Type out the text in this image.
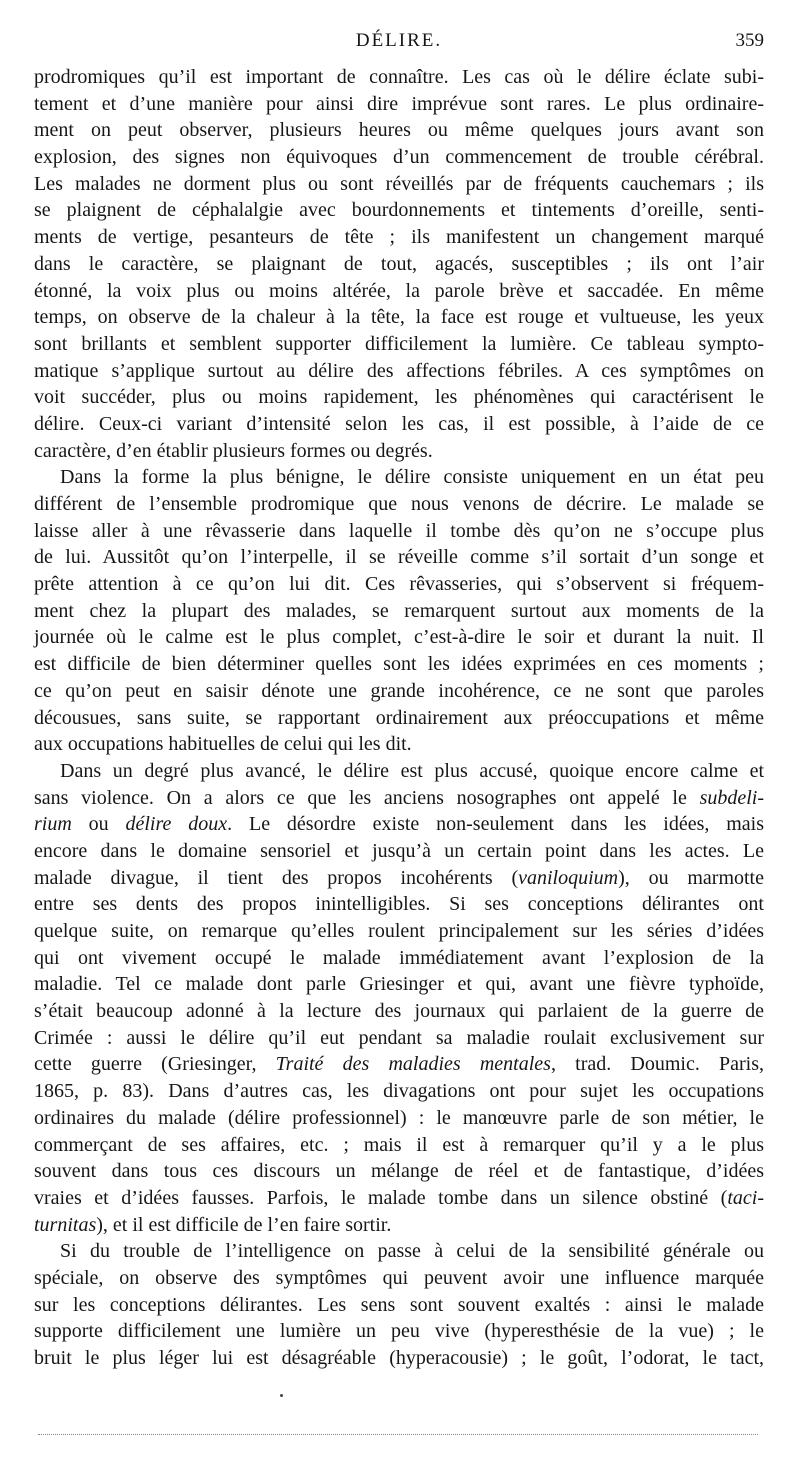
DÉLIRE.	359
prodromiques qu’il est important de connaître. Les cas où le délire éclate subi-
tement et d’une manière pour ainsi dire imprévue sont rares. Le plus ordinaire-
ment on peut observer, plusieurs heures ou même quelques jours avant son
explosion, des signes non équivoques d’un commencement de trouble cérébral.
Les malades ne dorment plus ou sont réveillés par de fréquents cauchemars ; ils
se plaignent de céphalalgie avec bourdonnements et tintements d’oreille, senti-
ments de vertige, pesanteurs de tête ; ils manifestent un changement marqué
dans le caractère, se plaignant de tout, agacés, susceptibles ; ils ont l’air
étonné, la voix plus ou moins altérée, la parole brève et saccadée. En même
temps, on observe de la chaleur à la tête, la face est rouge et vultueuse, les yeux
sont brillants et semblent supporter difficilement la lumière. Ce tableau sympto-
matique s’applique surtout au délire des affections fébriles. A ces symptômes on
voit succéder, plus ou moins rapidement, les phénomènes qui caractérisent le
délire. Ceux-ci variant d’intensité selon les cas, il est possible, à l’aide de ce
caractère, d’en établir plusieurs formes ou degrés.
Dans la forme la plus bénigne, le délire consiste uniquement en un état peu
différent de l’ensemble prodromique que nous venons de décrire. Le malade se
laisse aller à une rêvasserie dans laquelle il tombe dès qu’on ne s’occupe plus
de lui. Aussitôt qu’on l’interpelle, il se réveille comme s’il sortait d’un songe et
prête attention à ce qu’on lui dit. Ces rêvasseries, qui s’observent si fréquem-
ment chez la plupart des malades, se remarquent surtout aux moments de la
journée où le calme est le plus complet, c’est-à-dire le soir et durant la nuit. Il
est difficile de bien déterminer quelles sont les idées exprimées en ces moments ;
ce qu’on peut en saisir dénote une grande incohérence, ce ne sont que paroles
décousues, sans suite, se rapportant ordinairement aux préoccupations et même
aux occupations habituelles de celui qui les dit.
Dans un degré plus avancé, le délire est plus accusé, quoique encore calme et
sans violence. On a alors ce que les anciens nosographes ont appelé le subdeli-
rium ou délire doux. Le désordre existe non-seulement dans les idées, mais
encore dans le domaine sensoriel et jusqu’à un certain point dans les actes. Le
malade divague, il tient des propos incohérents (vaniloquium), ou marmotte
entre ses dents des propos inintelligibles. Si ses conceptions délirantes ont
quelque suite, on remarque qu’elles roulent principalement sur les séries d’idées
qui ont vivement occupé le malade immédiatement avant l’explosion de la
maladie. Tel ce malade dont parle Griesinger et qui, avant une fièvre typhoïde,
s’était beaucoup adonné à la lecture des journaux qui parlaient de la guerre de
Crimée : aussi le délire qu’il eut pendant sa maladie roulait exclusivement sur
cette guerre (Griesinger, Traité des maladies mentales, trad. Doumic. Paris,
1865, p. 83). Dans d’autres cas, les divagations ont pour sujet les occupations
ordinaires du malade (délire professionnel) : le manœuvre parle de son métier, le
commerçant de ses affaires, etc. ; mais il est à remarquer qu’il y a le plus
souvent dans tous ces discours un mélange de réel et de fantastique, d’idées
vraies et d’idées fausses. Parfois, le malade tombe dans un silence obstiné (taci-
turnitas), et il est difficile de l’en faire sortir.
Si du trouble de l’intelligence on passe à celui de la sensibilité générale ou
spéciale, on observe des symptômes qui peuvent avoir une influence marquée
sur les conceptions délirantes. Les sens sont souvent exaltés : ainsi le malade
supporte difficilement une lumière un peu vive (hyperesthésie de la vue) ; le
bruit le plus léger lui est désagréable (hyperacousie) ; le goût, l’odorat, le tact,
